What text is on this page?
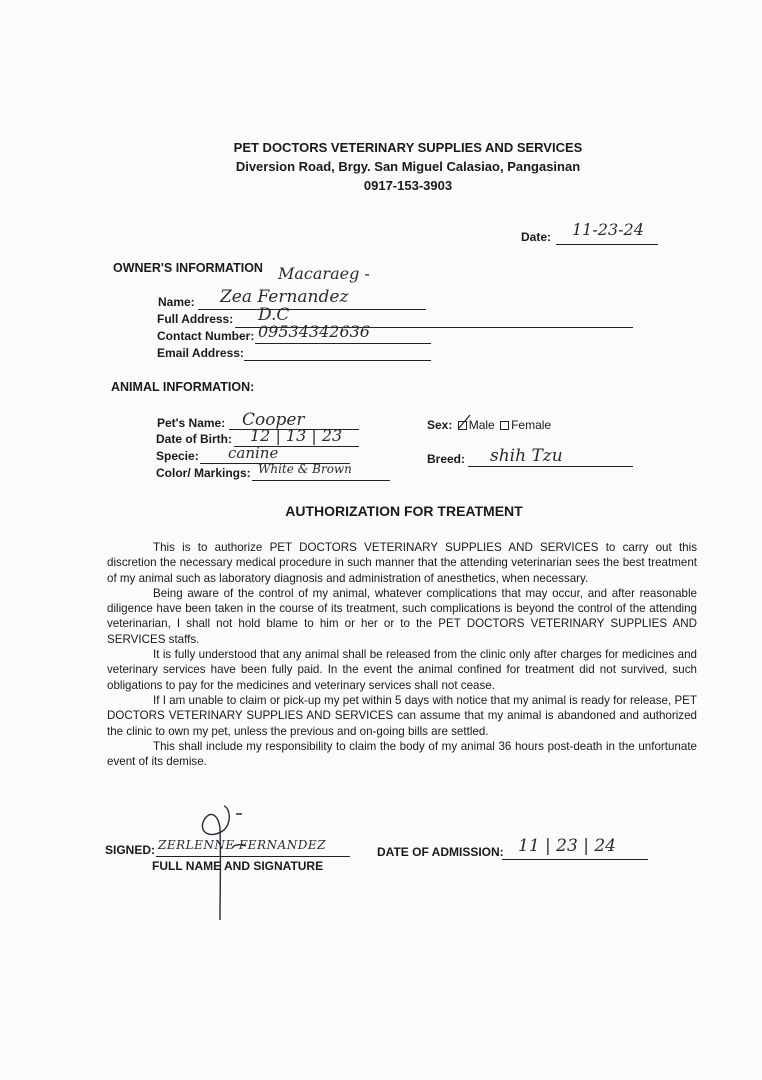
PET DOCTORS VETERINARY SUPPLIES AND SERVICES
Diversion Road, Brgy. San Miguel Calasiao, Pangasinan
0917-153-3903
Date: 11-23-24
OWNER'S INFORMATION Macaraeg -
Name: Zea Fernandez
Full Address: D.C
Contact Number: 09534342636
Email Address:
ANIMAL INFORMATION:
Pet's Name: Cooper
Date of Birth: 12 | 13 | 23
Specie: canine
Color/ Markings: White & Brown
Sex: Male Female
Breed: shih Tzu
AUTHORIZATION FOR TREATMENT

This is to authorize PET DOCTORS VETERINARY SUPPLIES AND SERVICES to carry out this discretion the necessary medical procedure in such manner that the attending veterinarian sees the best treatment of my animal such as laboratory diagnosis and administration of anesthetics, when necessary.

Being aware of the control of my animal, whatever complications that may occur, and after reasonable diligence have been taken in the course of its treatment, such complications is beyond the control of the attending veterinarian, I shall not hold blame to him or her or to the PET DOCTORS VETERINARY SUPPLIES AND SERVICES staffs.

It is fully understood that any animal shall be released from the clinic only after charges for medicines and veterinary services have been fully paid. In the event the animal confined for treatment did not survived, such obligations to pay for the medicines and veterinary services shall not cease.

If I am unable to claim or pick-up my pet within 5 days with notice that my animal is ready for release, PET DOCTORS VETERINARY SUPPLIES AND SERVICES can assume that my animal is abandoned and authorized the clinic to own my pet, unless the previous and on-going bills are settled.

This shall include my responsibility to claim the body of my animal 36 hours post-death in the unfortunate event of its demise.

SIGNED: ZERLENNE FERNANDEZ
FULL NAME AND SIGNATURE
DATE OF ADMISSION: 11 | 23 | 24
